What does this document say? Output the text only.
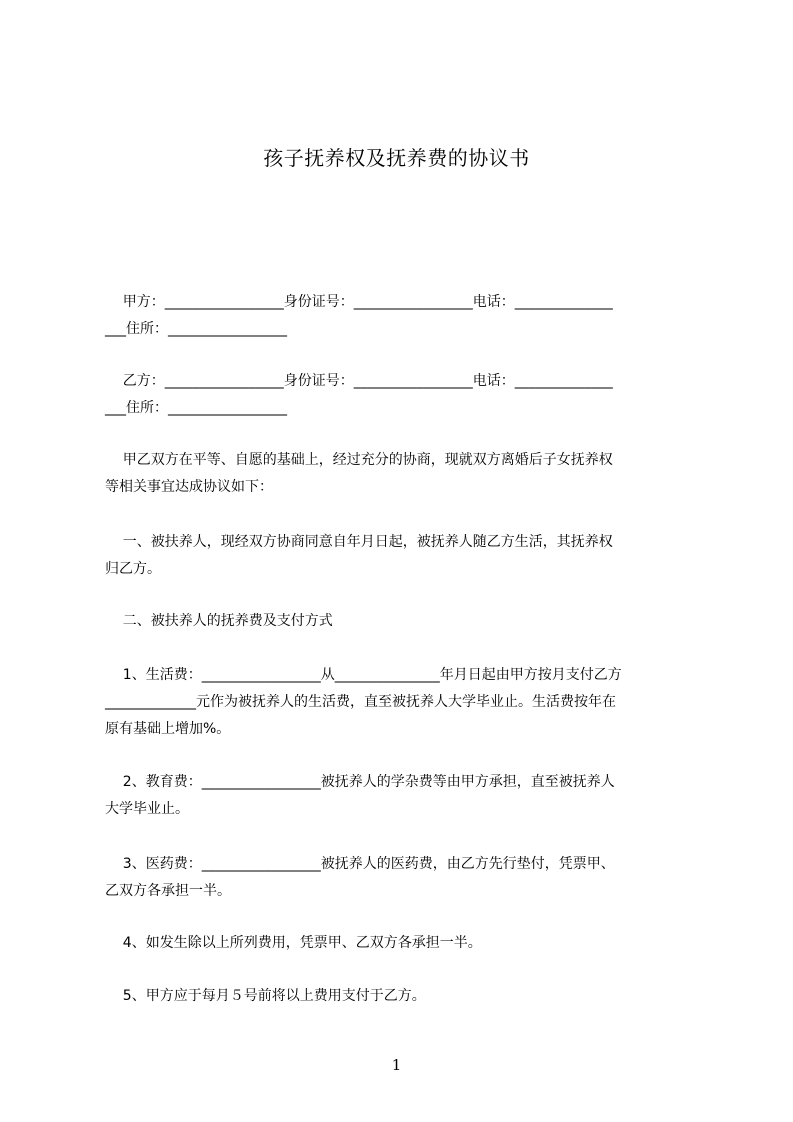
孩子抚养权及抚养费的协议书
甲方：_________________身份证号：_________________电话：______________
___住所：_________________
乙方：_________________身份证号：_________________电话：______________
___住所：_________________
甲乙双方在平等、自愿的基础上，经过充分的协商，现就双方离婚后子女抚养权
等相关事宜达成协议如下：
一、被扶养人，现经双方协商同意自年月日起，被抚养人随乙方生活，其抚养权
归乙方。
二、被扶养人的抚养费及支付方式
1、生活费：_________________从_______________年月日起由甲方按月支付乙方
_____________元作为被抚养人的生活费，直至被抚养人大学毕业止。生活费按年在
原有基础上增加%。
2、教育费：_________________被抚养人的学杂费等由甲方承担，直至被抚养人
大学毕业止。
3、医药费：_________________被抚养人的医药费，由乙方先行垫付，凭票甲、
乙双方各承担一半。
4、如发生除以上所列费用，凭票甲、乙双方各承担一半。
5、甲方应于每月５号前将以上费用支付于乙方。
1
